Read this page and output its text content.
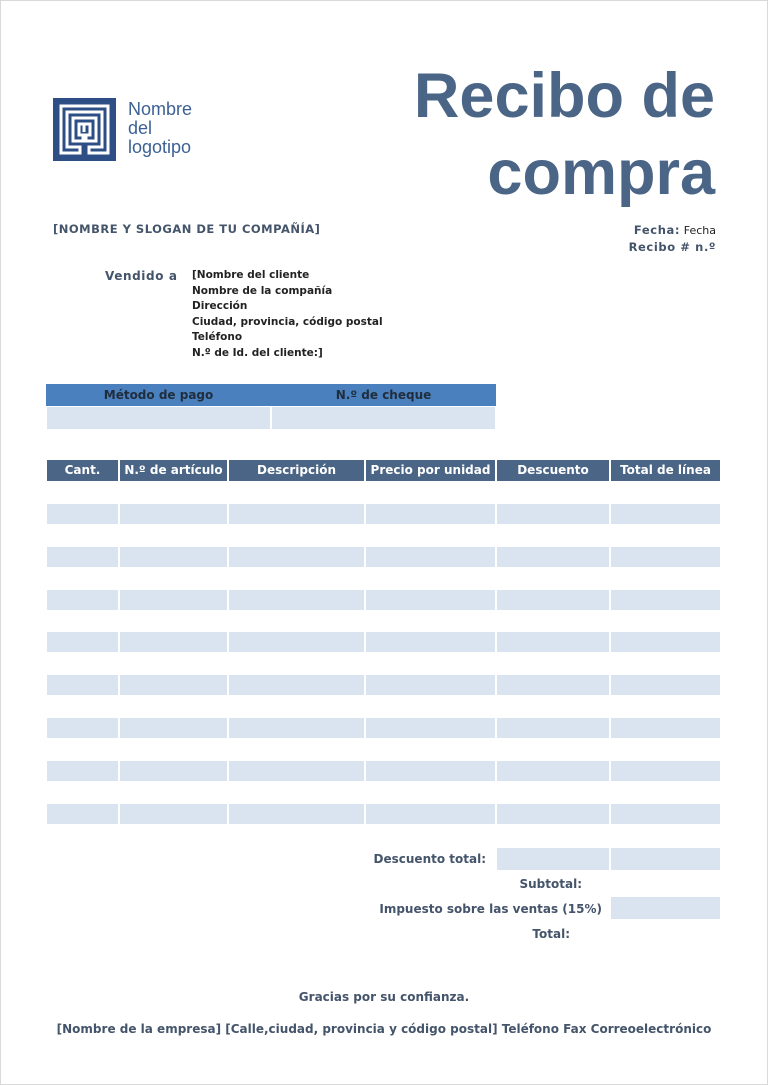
Nombre del logotipo
Recibo de compra
[NOMBRE Y SLOGAN DE TU COMPAÑÍA]	Fecha: Fecha
Recibo # n.º
Vendido a [Nombre del cliente
Nombre de la compañía
Dirección
Ciudad, provincia, código postal
Teléfono
N.º de Id. del cliente:]
Método de pago	N.º de cheque
Cant.	N.º de artículo	Descripción	Precio por unidad	Descuento	Total de línea
Descuento total:
Subtotal:
Impuesto sobre las ventas (15%)
Total:
Gracias por su confianza.
[Nombre de la empresa] [Calle,ciudad, provincia y código postal] Teléfono Fax Correoelectrónico
